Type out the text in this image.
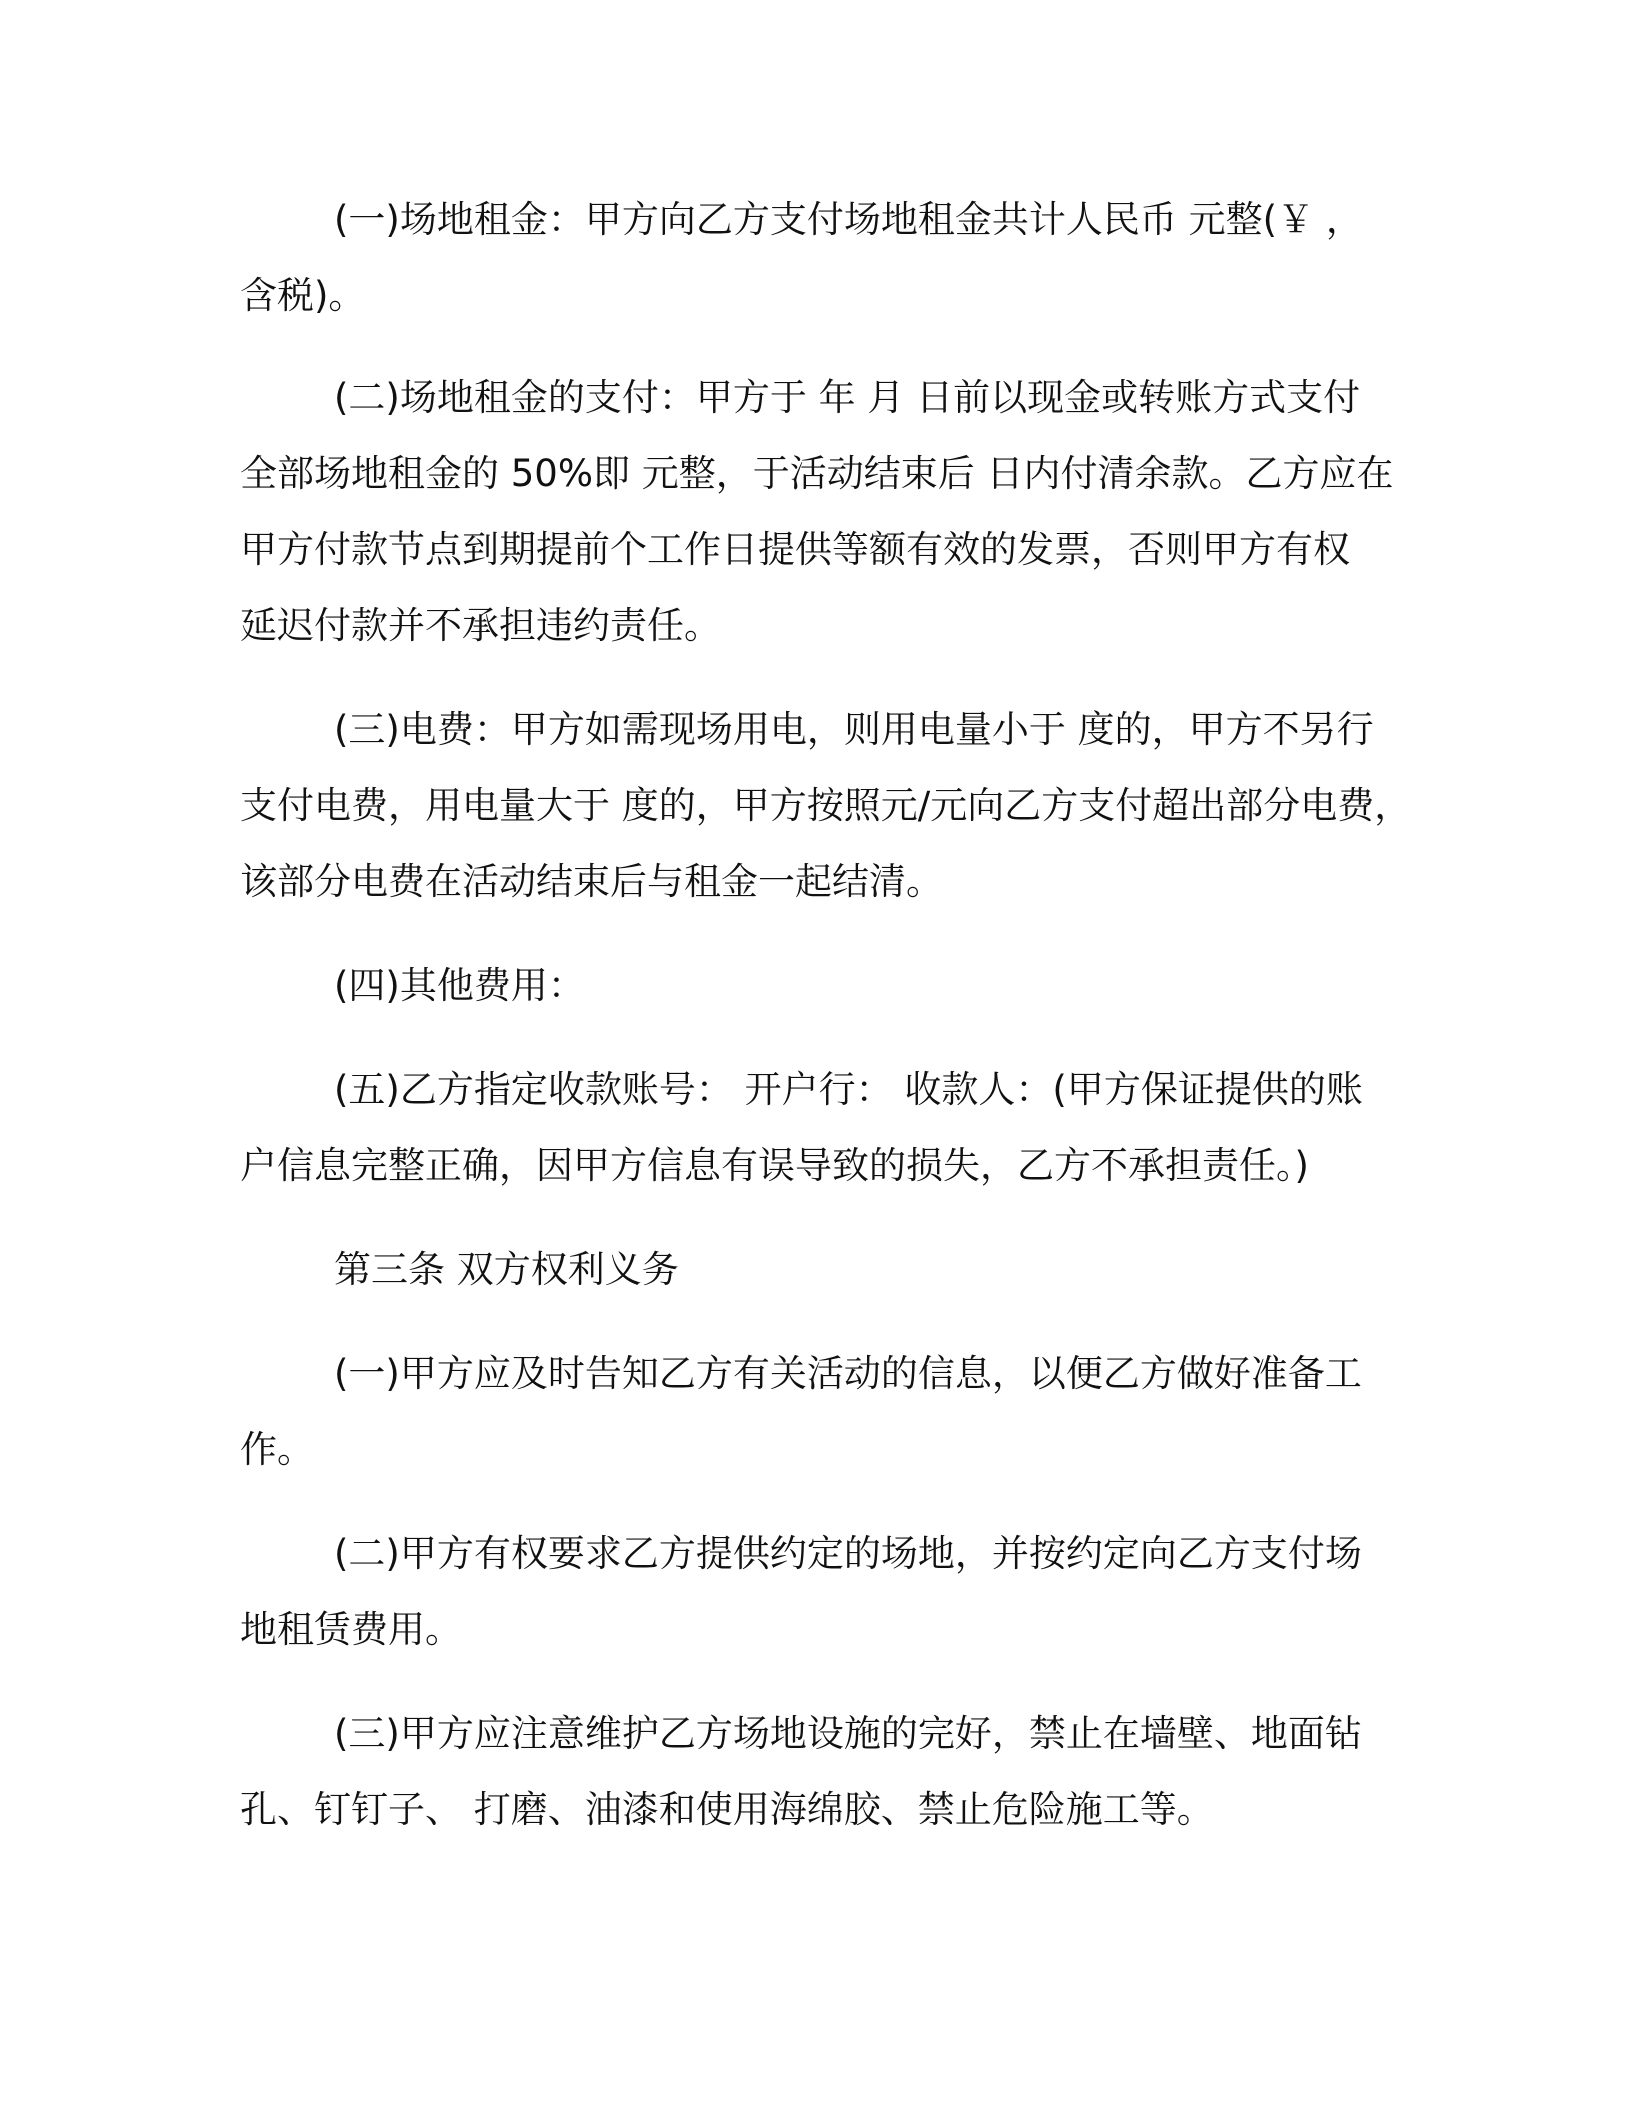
(一)场地租金：甲方向乙方支付场地租金共计人民币 元整(￥ ，
含税)。
(二)场地租金的支付：甲方于 年 月 日前以现金或转账方式支付
全部场地租金的 50%即 元整，于活动结束后 日内付清余款。乙方应在
甲方付款节点到期提前个工作日提供等额有效的发票，否则甲方有权
延迟付款并不承担违约责任。
(三)电费：甲方如需现场用电，则用电量小于 度的，甲方不另行
支付电费，用电量大于 度的，甲方按照元/元向乙方支付超出部分电费，
该部分电费在活动结束后与租金一起结清。
(四)其他费用：
(五)乙方指定收款账号： 开户行： 收款人：(甲方保证提供的账
户信息完整正确，因甲方信息有误导致的损失，乙方不承担责任。)
第三条 双方权利义务
(一)甲方应及时告知乙方有关活动的信息，以便乙方做好准备工
作。
(二)甲方有权要求乙方提供约定的场地，并按约定向乙方支付场
地租赁费用。
(三)甲方应注意维护乙方场地设施的完好，禁止在墙壁、地面钻
孔、钉钉子、 打磨、油漆和使用海绵胶、禁止危险施工等。
